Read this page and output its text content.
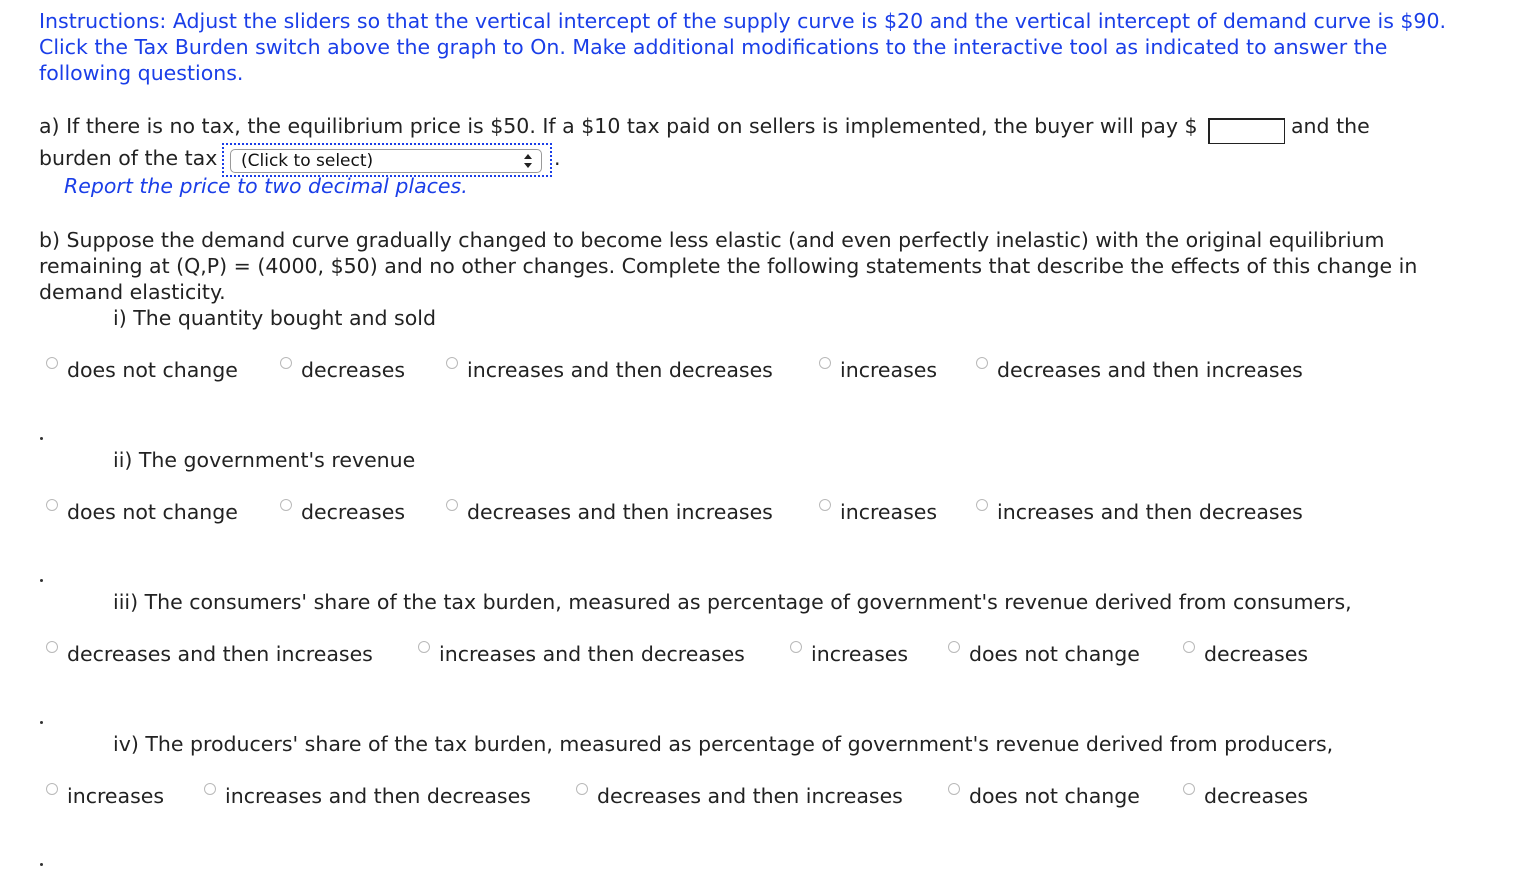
Instructions: Adjust the sliders so that the vertical intercept of the supply curve is $20 and the vertical intercept of demand curve is $90. Click the Tax Burden switch above the graph to On. Make additional modifications to the interactive tool as indicated to answer the following questions.
a) If there is no tax, the equilibrium price is $50. If a $10 tax paid on sellers is implemented, the buyer will pay $	and the
burden of the tax	(Click to select)	.
Report the price to two decimal places.
b) Suppose the demand curve gradually changed to become less elastic (and even perfectly inelastic) with the original equilibrium remaining at (Q,P) = (4000, $50) and no other changes. Complete the following statements that describe the effects of this change in demand elasticity.
i) The quantity bought and sold
does not change	decreases	increases and then decreases	increases	decreases and then increases
ii) The government's revenue
does not change	decreases	decreases and then increases	increases	increases and then decreases
iii) The consumers' share of the tax burden, measured as percentage of government's revenue derived from consumers,
decreases and then increases	increases and then decreases	increases	does not change	decreases
iv) The producers' share of the tax burden, measured as percentage of government's revenue derived from producers,
increases	increases and then decreases	decreases and then increases	does not change	decreases
